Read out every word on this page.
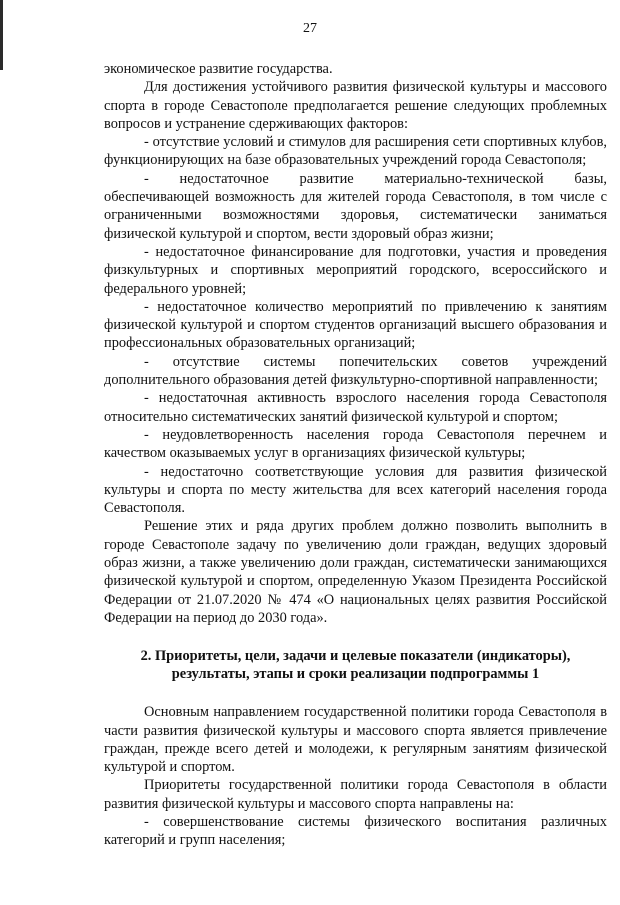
27

экономическое развитие государства.

Для достижения устойчивого развития физической культуры и массового спорта в городе Севастополе предполагается решение следующих проблемных вопросов и устранение сдерживающих факторов:

- отсутствие условий и стимулов для расширения сети спортивных клубов, функционирующих на базе образовательных учреждений города Севастополя;

- недостаточное развитие материально-технической базы, обеспечивающей возможность для жителей города Севастополя, в том числе с ограниченными возможностями здоровья, систематически заниматься физической культурой и спортом, вести здоровый образ жизни;

- недостаточное финансирование для подготовки, участия и проведения физкультурных и спортивных мероприятий городского, всероссийского и федерального уровней;

- недостаточное количество мероприятий по привлечению к занятиям физической культурой и спортом студентов организаций высшего образования и профессиональных образовательных организаций;

- отсутствие системы попечительских советов учреждений дополнительного образования детей физкультурно-спортивной направленности;

- недостаточная активность взрослого населения города Севастополя относительно систематических занятий физической культурой и спортом;

- неудовлетворенность населения города Севастополя перечнем и качеством оказываемых услуг в организациях физической культуры;

- недостаточно соответствующие условия для развития физической культуры и спорта по месту жительства для всех категорий населения города Севастополя.

Решение этих и ряда других проблем должно позволить выполнить в городе Севастополе задачу по увеличению доли граждан, ведущих здоровый образ жизни, а также увеличению доли граждан, систематически занимающихся физической культурой и спортом, определенную Указом Президента Российской Федерации от 21.07.2020 № 474 «О национальных целях развития Российской Федерации на период до 2030 года».

2. Приоритеты, цели, задачи и целевые показатели (индикаторы),

результаты, этапы и сроки реализации подпрограммы 1

Основным направлением государственной политики города Севастополя в части развития физической культуры и массового спорта является привлечение граждан, прежде всего детей и молодежи, к регулярным занятиям физической культурой и спортом.

Приоритеты государственной политики города Севастополя в области развития физической культуры и массового спорта направлены на:

- совершенствование системы физического воспитания различных категорий и групп населения;
